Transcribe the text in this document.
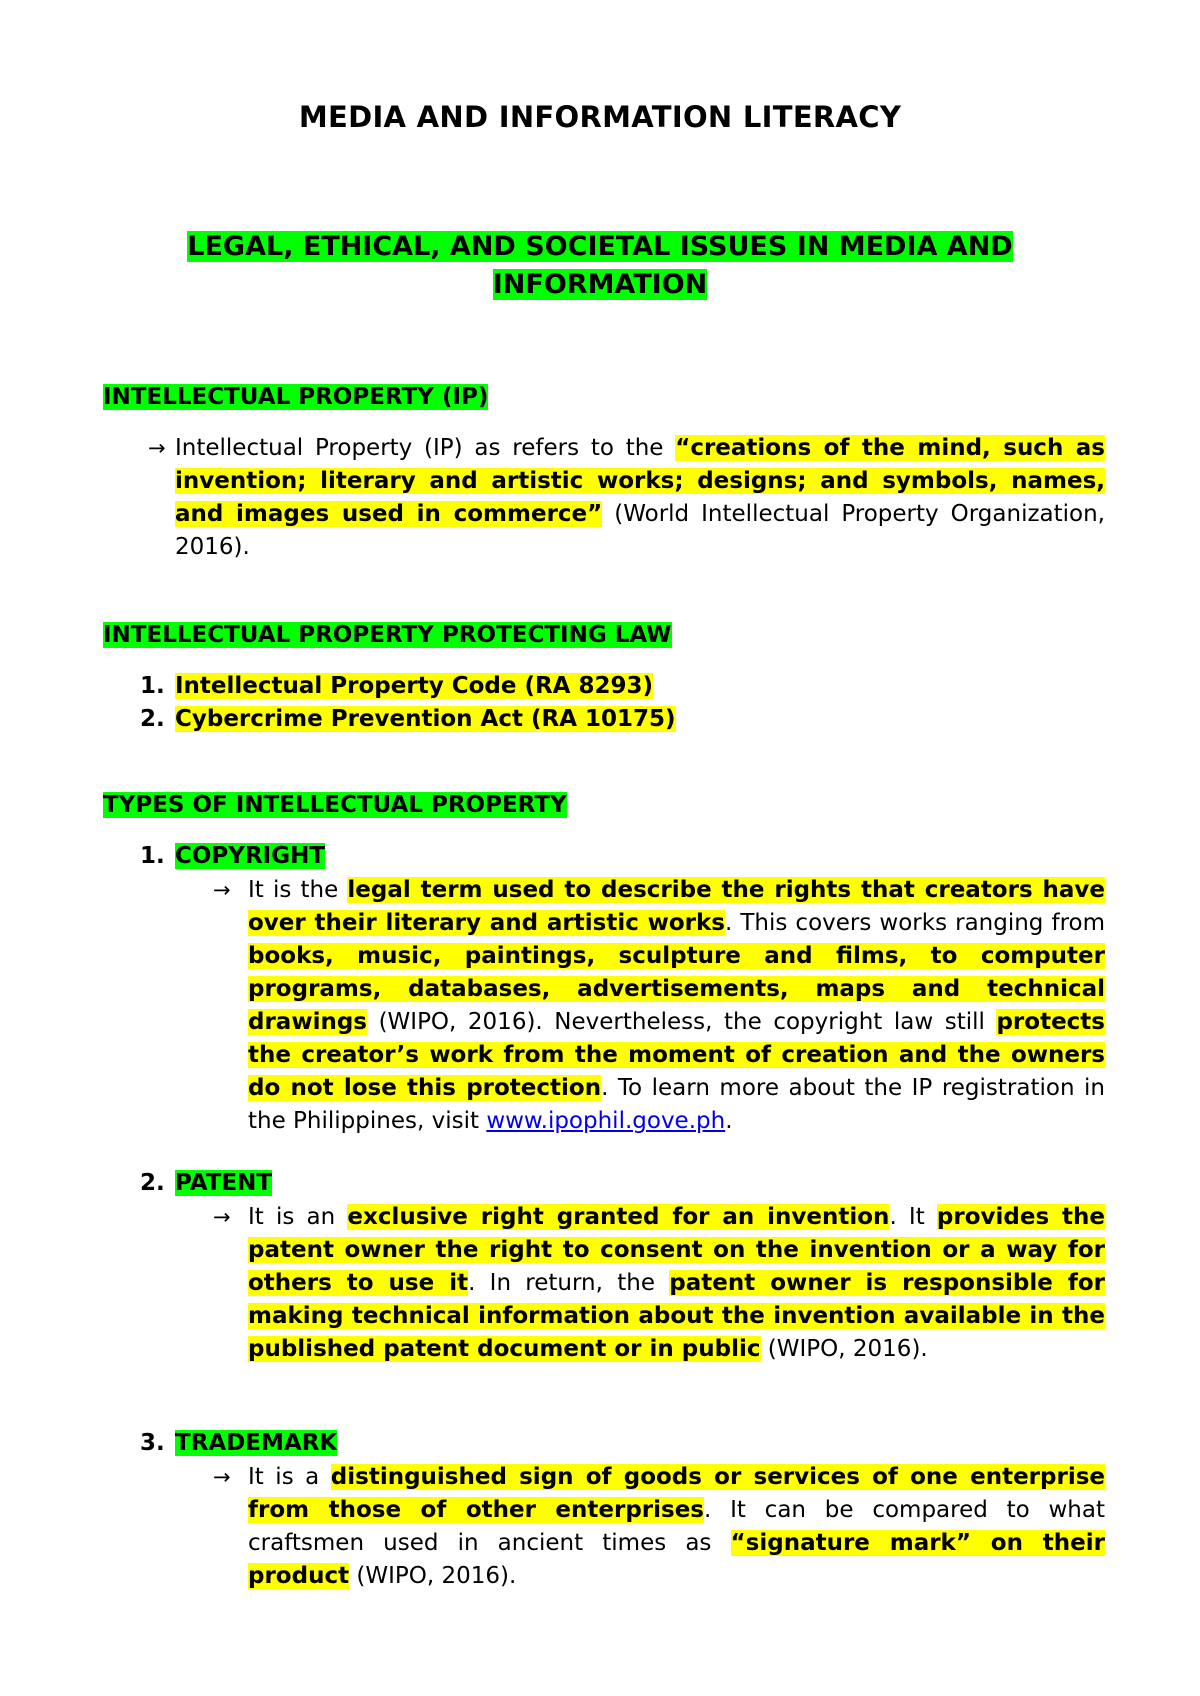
MEDIA AND INFORMATION LITERACY
LEGAL, ETHICAL, AND SOCIETAL ISSUES IN MEDIA AND
INFORMATION
INTELLECTUAL PROPERTY (IP)
→ Intellectual Property (IP) as refers to the “creations of the mind, such as invention; literary and artistic works; designs; and symbols, names, and images used in commerce” (World Intellectual Property Organization, 2016).
INTELLECTUAL PROPERTY PROTECTING LAW
1. Intellectual Property Code (RA 8293)
2. Cybercrime Prevention Act (RA 10175)
TYPES OF INTELLECTUAL PROPERTY
1. COPYRIGHT
→ It is the legal term used to describe the rights that creators have over their literary and artistic works. This covers works ranging from books, music, paintings, sculpture and films, to computer programs, databases, advertisements, maps and technical drawings (WIPO, 2016). Nevertheless, the copyright law still protects the creator’s work from the moment of creation and the owners do not lose this protection. To learn more about the IP registration in the Philippines, visit www.ipophil.gove.ph.
2. PATENT
→ It is an exclusive right granted for an invention. It provides the patent owner the right to consent on the invention or a way for others to use it. In return, the patent owner is responsible for making technical information about the invention available in the published patent document or in public (WIPO, 2016).
3. TRADEMARK
→ It is a distinguished sign of goods or services of one enterprise from those of other enterprises. It can be compared to what craftsmen used in ancient times as “signature mark” on their product (WIPO, 2016).
